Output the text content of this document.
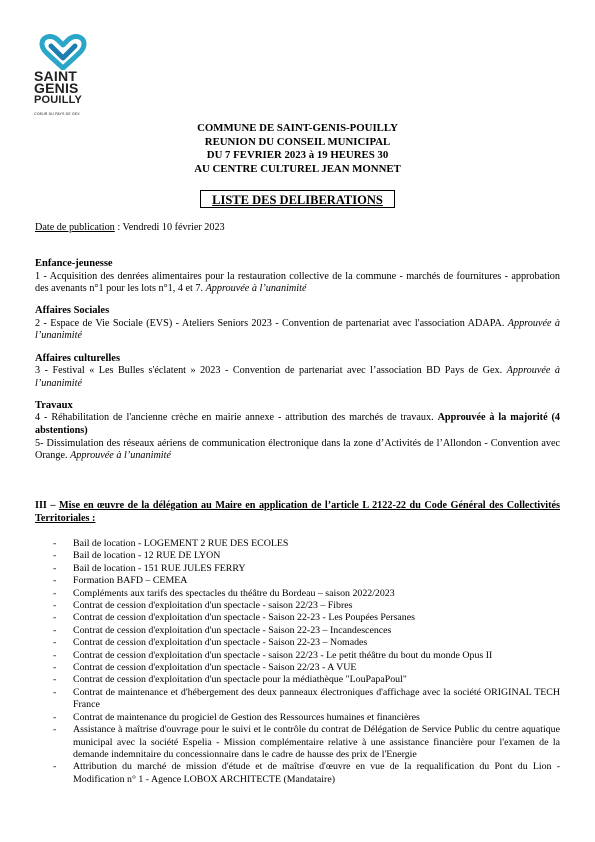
SAINT
GENIS
POUILLY
COEUR DU PAYS DE GEX
COMMUNE DE SAINT-GENIS-POUILLY
REUNION DU CONSEIL MUNICIPAL
DU 7 FEVRIER 2023 à 19 HEURES 30
AU CENTRE CULTUREL JEAN MONNET
LISTE DES DELIBERATIONS
Date de publication : Vendredi 10 février 2023
Enfance-jeunesse
1 - Acquisition des denrées alimentaires pour la restauration collective de la commune - marchés de fournitures - approbation des avenants n°1 pour les lots n°1, 4 et 7. Approuvée à l’unanimité
Affaires Sociales
2 - Espace de Vie Sociale (EVS) - Ateliers Seniors 2023 - Convention de partenariat avec l'association ADAPA. Approuvée à l’unanimité
Affaires culturelles
3 - Festival « Les Bulles s'éclatent » 2023 - Convention de partenariat avec l’association BD Pays de Gex. Approuvée à l’unanimité
Travaux
4 - Réhabilitation de l'ancienne crèche en mairie annexe - attribution des marchés de travaux. Approuvée à la majorité (4 abstentions)
5- Dissimulation des réseaux aériens de communication électronique dans la zone d’Activités de l’Allondon - Convention avec Orange. Approuvée à l’unanimité
III – Mise en œuvre de la délégation au Maire en application de l’article L 2122-22 du Code Général des Collectivités Territoriales :
- Bail de location - LOGEMENT 2 RUE DES ECOLES
- Bail de location - 12 RUE DE LYON
- Bail de location - 151 RUE JULES FERRY
- Formation BAFD – CEMEA
- Compléments aux tarifs des spectacles du théâtre du Bordeau – saison 2022/2023
- Contrat de cession d'exploitation d'un spectacle - saison 22/23 – Fibres
- Contrat de cession d'exploitation d'un spectacle - Saison 22-23 - Les Poupées Persanes
- Contrat de cession d'exploitation d'un spectacle - Saison 22-23 – Incandescences
- Contrat de cession d'exploitation d'un spectacle - Saison 22-23 – Nomades
- Contrat de cession d'exploitation d'un spectacle - saison 22/23 - Le petit théâtre du bout du monde Opus II
- Contrat de cession d'exploitation d'un spectacle - Saison 22/23 - A VUE
- Contrat de cession d'exploitation d'un spectacle pour la médiathèque "LouPapaPoul"
- Contrat de maintenance et d'hébergement des deux panneaux électroniques d'affichage avec la société ORIGINAL TECH France
- Contrat de maintenance du progiciel de Gestion des Ressources humaines et financières
- Assistance à maîtrise d'ouvrage pour le suivi et le contrôle du contrat de Délégation de Service Public du centre aquatique municipal avec la société Espelia - Mission complémentaire relative à une assistance financière pour l'examen de la demande indemnitaire du concessionnaire dans le cadre de hausse des prix de l'Energie
- Attribution du marché de mission d'étude et de maîtrise d'œuvre en vue de la requalification du Pont du Lion - Modification n° 1 - Agence LOBOX ARCHITECTE (Mandataire)
